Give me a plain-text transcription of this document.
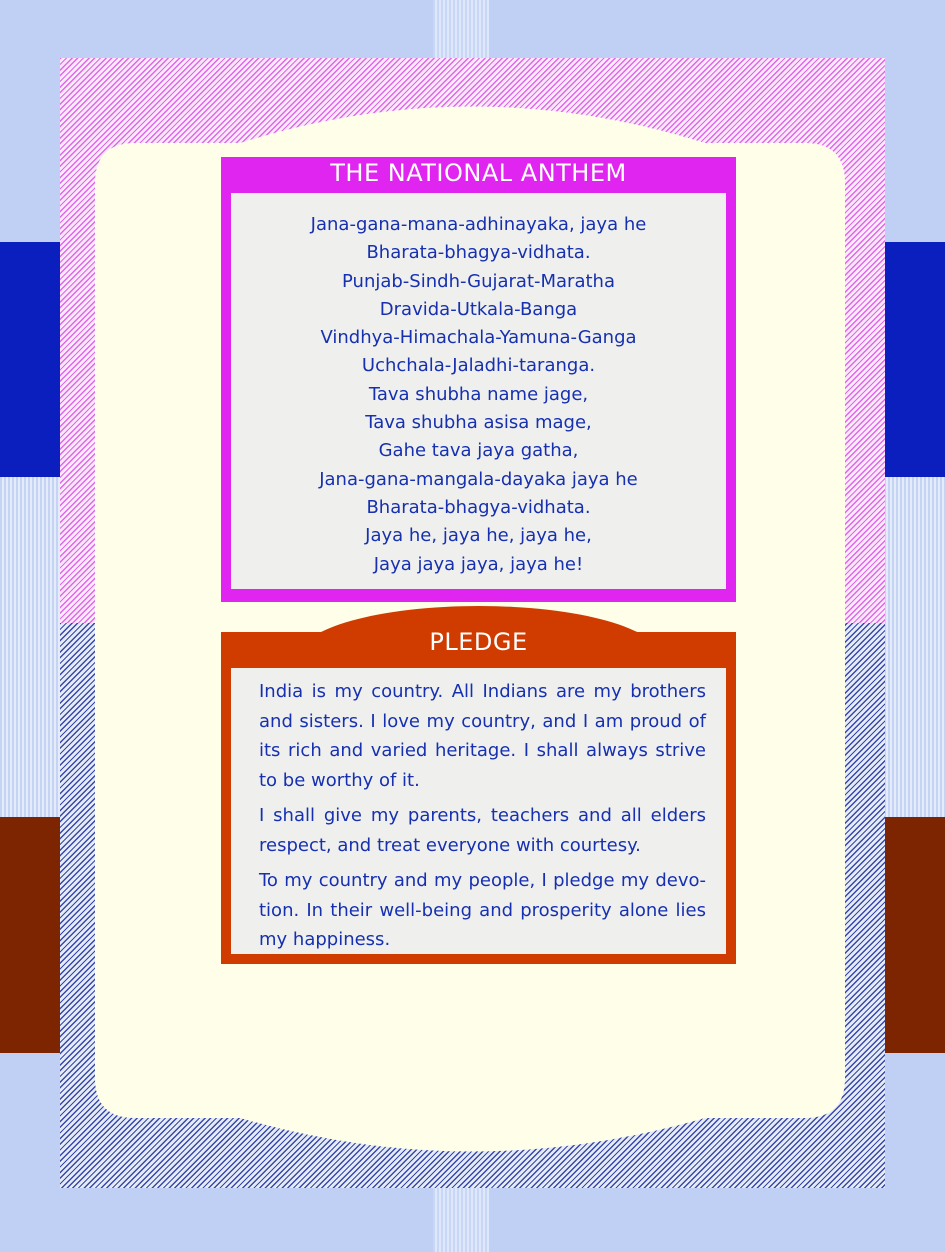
THE NATIONAL ANTHEM
Jana-gana-mana-adhinayaka, jaya he
Bharata-bhagya-vidhata.
Punjab-Sindh-Gujarat-Maratha
Dravida-Utkala-Banga
Vindhya-Himachala-Yamuna-Ganga
Uchchala-Jaladhi-taranga.
Tava shubha name jage,
Tava shubha asisa mage,
Gahe tava jaya gatha,
Jana-gana-mangala-dayaka jaya he
Bharata-bhagya-vidhata.
Jaya he, jaya he, jaya he,
Jaya jaya jaya, jaya he!
PLEDGE

India is my country. All Indians are my brothers and sisters. I love my country, and I am proud of its rich and varied heritage. I shall always strive to be worthy of it.

I shall give my parents, teachers and all elders respect, and treat everyone with courtesy.

To my country and my people, I pledge my devotion. In their well-being and prosperity alone lies my happiness.
